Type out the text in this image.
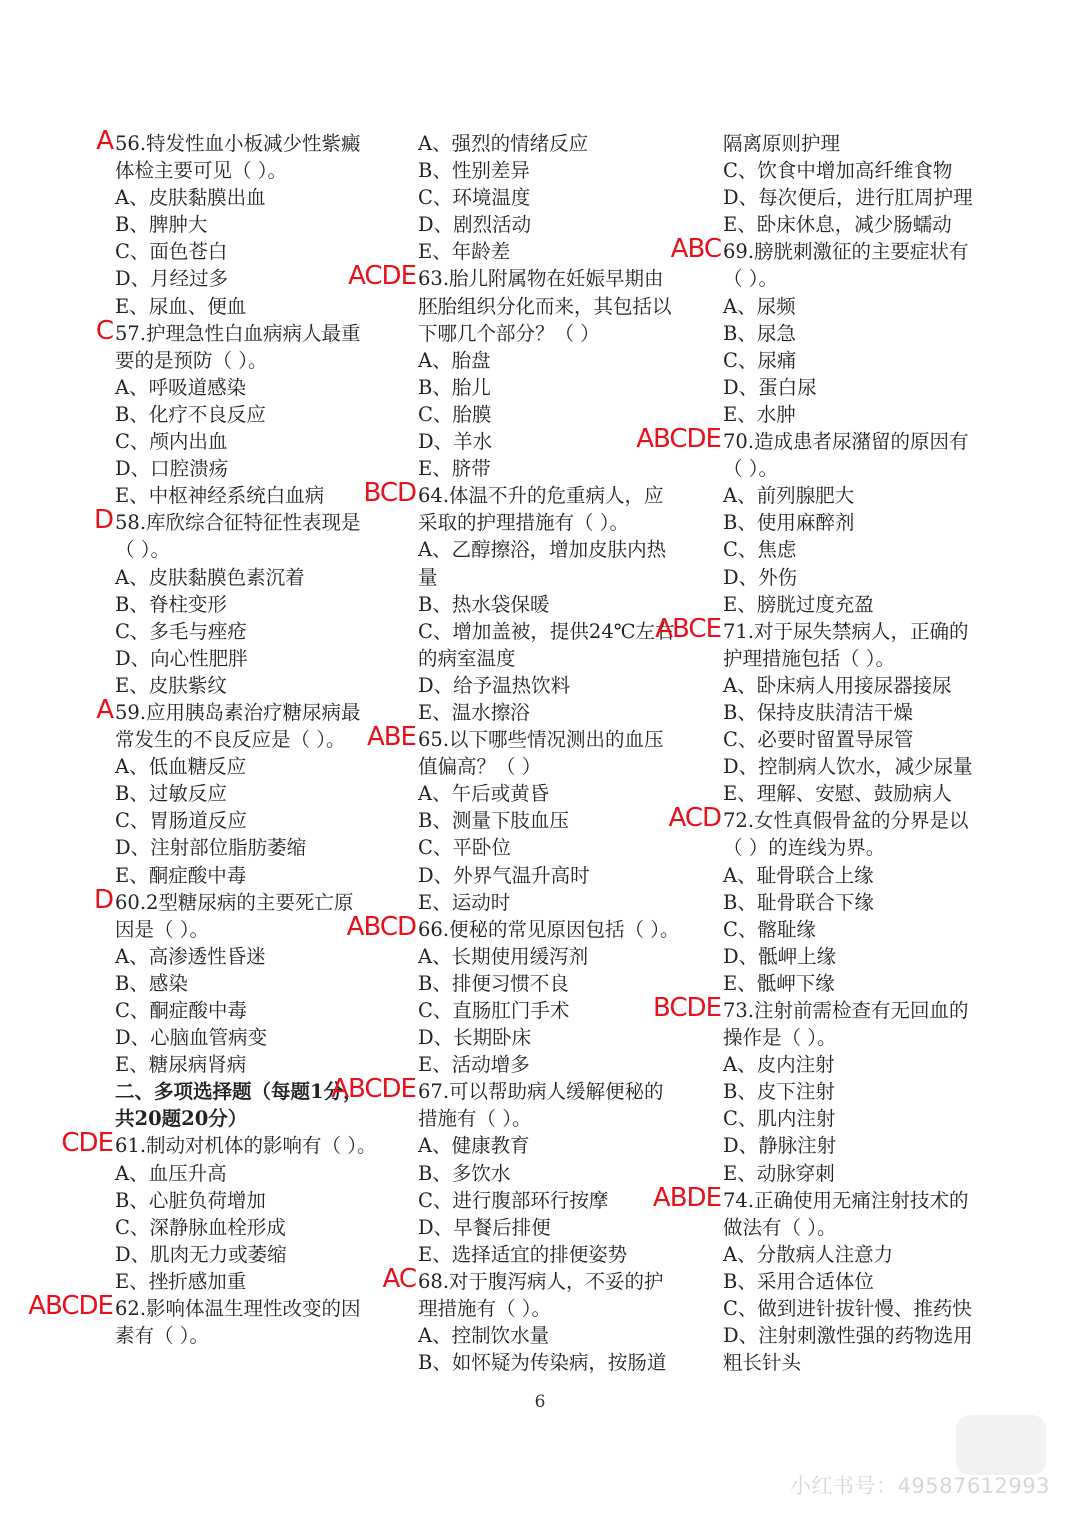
56.特发性血小板减少性紫癜
A
体检主要可见（ ）。
A、皮肤黏膜出血
B、脾肿大
C、面色苍白
D、月经过多
E、尿血、便血
57.护理急性白血病病人最重
C
要的是预防（ ）。
A、呼吸道感染
B、化疗不良反应
C、颅内出血
D、口腔溃疡
E、中枢神经系统白血病
58.库欣综合征特征性表现是
D
（ ）。
A、皮肤黏膜色素沉着
B、脊柱变形
C、多毛与痤疮
D、向心性肥胖
E、皮肤紫纹
59.应用胰岛素治疗糖尿病最
A
常发生的不良反应是（ ）。
A、低血糖反应
B、过敏反应
C、胃肠道反应
D、注射部位脂肪萎缩
E、酮症酸中毒
60.2型糖尿病的主要死亡原
D
因是（ ）。
A、高渗透性昏迷
B、感染
C、酮症酸中毒
D、心脑血管病变
E、糖尿病肾病
二、多项选择题（每题1分，
共20题20分）
61.制动对机体的影响有（ ）。
CDE
A、血压升高
B、心脏负荷增加
C、深静脉血栓形成
D、肌肉无力或萎缩
E、挫折感加重
62.影响体温生理性改变的因
ABCDE
素有（ ）。
A、强烈的情绪反应
B、性别差异
C、环境温度
D、剧烈活动
E、年龄差
63.胎儿附属物在妊娠早期由
ACDE
胚胎组织分化而来，其包括以
下哪几个部分？（ ）
A、胎盘
B、胎儿
C、胎膜
D、羊水
E、脐带
64.体温不升的危重病人，应
BCD
采取的护理措施有（ ）。
A、乙醇擦浴，增加皮肤内热
量
B、热水袋保暖
C、增加盖被，提供24℃左右
的病室温度
D、给予温热饮料
E、温水擦浴
65.以下哪些情况测出的血压
ABE
值偏高？（ ）
A、午后或黄昏
B、测量下肢血压
C、平卧位
D、外界气温升高时
E、运动时
66.便秘的常见原因包括（ ）。
ABCD
A、长期使用缓泻剂
B、排便习惯不良
C、直肠肛门手术
D、长期卧床
E、活动增多
67.可以帮助病人缓解便秘的
ABCDE
措施有（ ）。
A、健康教育
B、多饮水
C、进行腹部环行按摩
D、早餐后排便
E、选择适宜的排便姿势
68.对于腹泻病人，不妥的护
AC
理措施有（ ）。
A、控制饮水量
B、如怀疑为传染病，按肠道
隔离原则护理
C、饮食中增加高纤维食物
D、每次便后，进行肛周护理
E、卧床休息，减少肠蠕动
69.膀胱刺激征的主要症状有
ABC
（ ）。
A、尿频
B、尿急
C、尿痛
D、蛋白尿
E、水肿
70.造成患者尿潴留的原因有
ABCDE
（ ）。
A、前列腺肥大
B、使用麻醉剂
C、焦虑
D、外伤
E、膀胱过度充盈
71.对于尿失禁病人，正确的
ABCE
护理措施包括（ ）。
A、卧床病人用接尿器接尿
B、保持皮肤清洁干燥
C、必要时留置导尿管
D、控制病人饮水，减少尿量
E、理解、安慰、鼓励病人
72.女性真假骨盆的分界是以
ACD
（ ）的连线为界。
A、耻骨联合上缘
B、耻骨联合下缘
C、髂耻缘
D、骶岬上缘
E、骶岬下缘
73.注射前需检查有无回血的
BCDE
操作是（ ）。
A、皮内注射
B、皮下注射
C、肌内注射
D、静脉注射
E、动脉穿刺
74.正确使用无痛注射技术的
ABDE
做法有（ ）。
A、分散病人注意力
B、采用合适体位
C、做到进针拔针慢、推药快
D、注射刺激性强的药物选用
粗长针头
6
小红书号：49587612993
